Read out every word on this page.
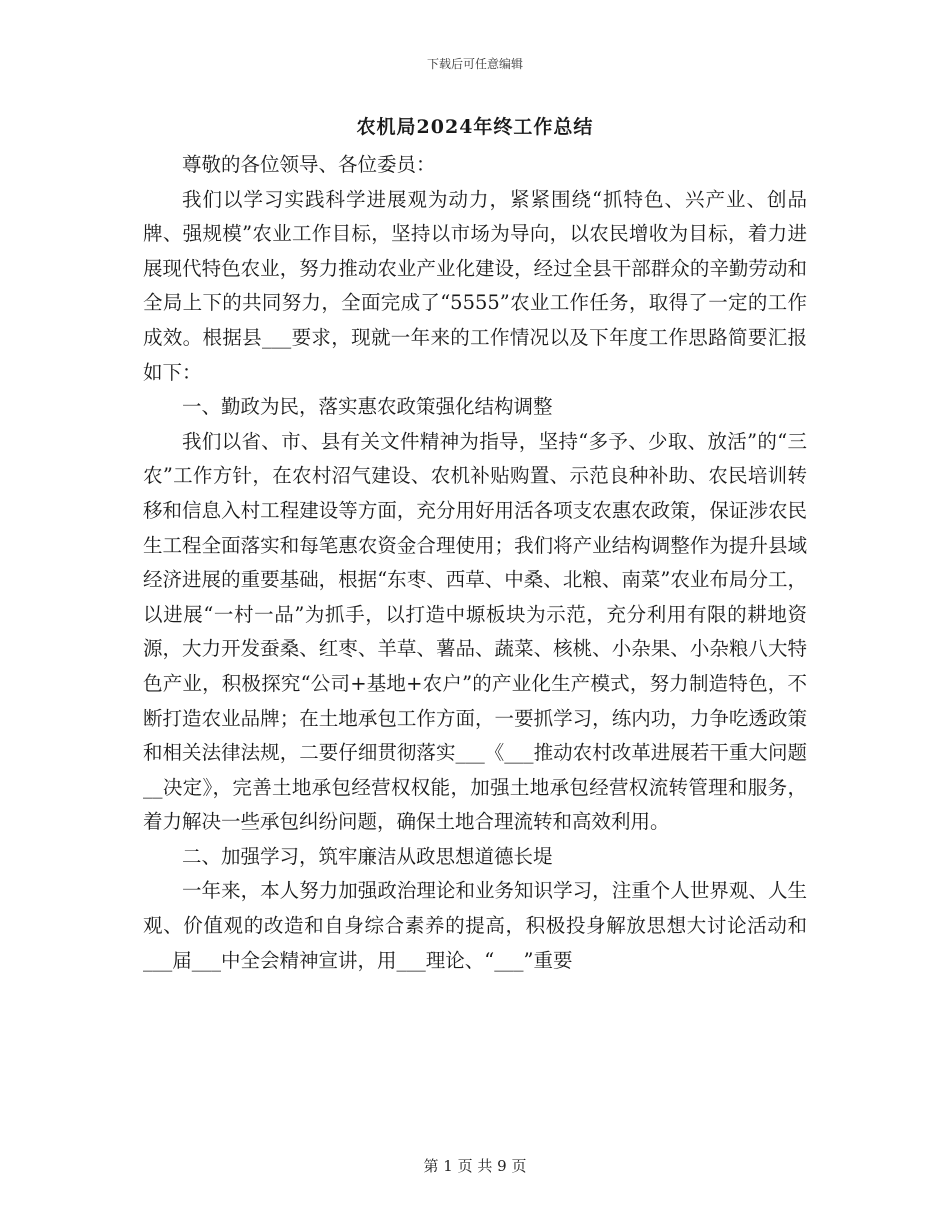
下载后可任意编辑
农机局2024年终工作总结

尊敬的各位领导、各位委员：

我们以学习实践科学进展观为动力，紧紧围绕“抓特色、兴产业、创品牌、强规模”农业工作目标，坚持以市场为导向，以农民增收为目标，着力进展现代特色农业，努力推动农业产业化建设，经过全县干部群众的辛勤劳动和全局上下的共同努力，全面完成了“5555”农业工作任务，取得了一定的工作成效。根据县___要求，现就一年来的工作情况以及下年度工作思路简要汇报如下：

一、勤政为民，落实惠农政策强化结构调整

我们以省、市、县有关文件精神为指导，坚持“多予、少取、放活”的“三农”工作方针，在农村沼气建设、农机补贴购置、示范良种补助、农民培训转移和信息入村工程建设等方面，充分用好用活各项支农惠农政策，保证涉农民生工程全面落实和每笔惠农资金合理使用；我们将产业结构调整作为提升县域经济进展的重要基础，根据“东枣、西草、中桑、北粮、南菜”农业布局分工，以进展“一村一品”为抓手，以打造中塬板块为示范，充分利用有限的耕地资源，大力开发蚕桑、红枣、羊草、薯品、蔬菜、核桃、小杂果、小杂粮八大特色产业，积极探究“公司+基地+农户”的产业化生产模式，努力制造特色，不断打造农业品牌；在土地承包工作方面，一要抓学习，练内功，力争吃透政策和相关法律法规，二要仔细贯彻落实___《___推动农村改革进展若干重大问题__决定》，完善土地承包经营权权能，加强土地承包经营权流转管理和服务，着力解决一些承包纠纷问题，确保土地合理流转和高效利用。

二、加强学习，筑牢廉洁从政思想道德长堤

一年来，本人努力加强政治理论和业务知识学习，注重个人世界观、人生观、价值观的改造和自身综合素养的提高，积极投身解放思想大讨论活动和___届___中全会精神宣讲，用___理论、“___”重要

第 1 页 共 9 页
